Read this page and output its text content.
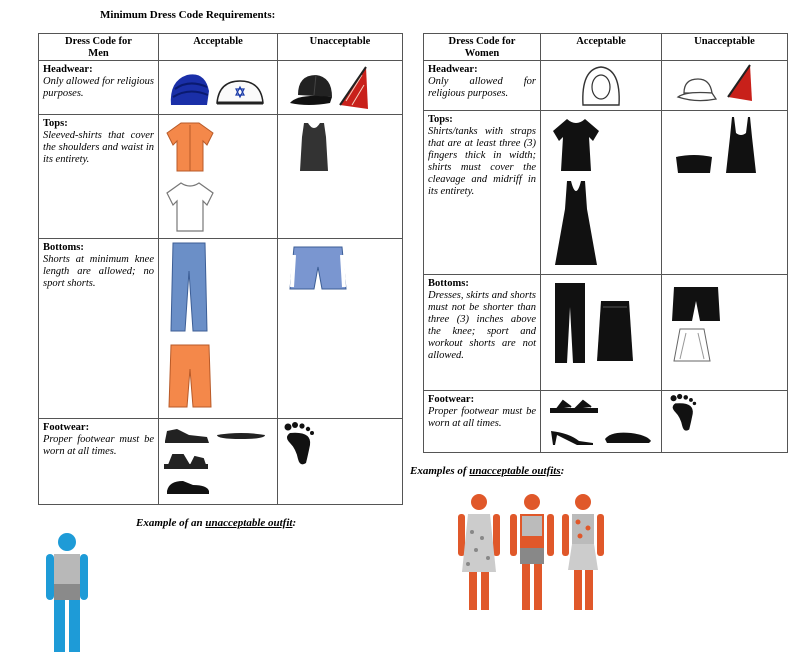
Minimum Dress Code Requirements:
Dress Code for Men	Acceptable	Unacceptable

Headwear:
Only allowed for religious purposes.

Tops:
Sleeved-shirts that cover the shoulders and waist in its entirety.

Bottoms:
Shorts at minimum knee length are allowed; no sport shorts.

Footwear:
Proper footwear must be worn at all times.

Dress Code for Women	Acceptable	Unacceptable

Headwear:
Only allowed for religious purposes.

Tops:
Shirts/tanks with straps that are at least three (3) fingers thick in width; shirts must cover the cleavage and midriff in its entirety.

Bottoms:
Dresses, skirts and shorts must not be shorter than three (3) inches above the knee; sport and workout shorts are not allowed.

Footwear:
Proper footwear must be worn at all times.

Examples of unacceptable outfits:
Example of an unacceptable outfit:
